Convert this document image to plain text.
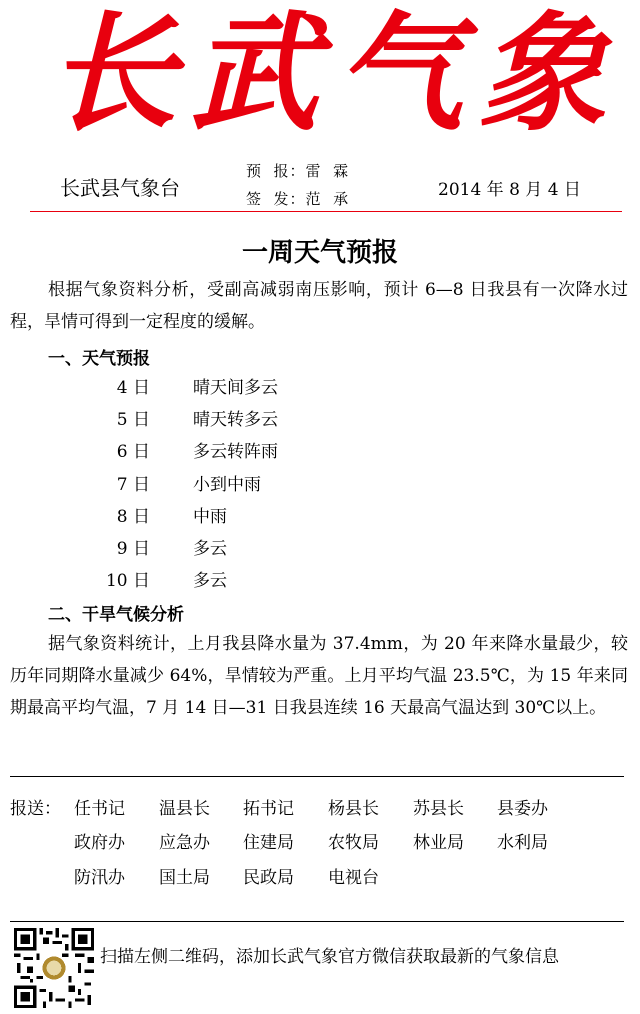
长 武 气 象
长武县气象台
预  报：雷  霖
签  发：范  承	2014 年 8 月 4 日
一周天气预报
根据气象资料分析，受副高减弱南压影响，预计 6—8 日我县有一次降水过程，旱情可得到一定程度的缓解。
一、天气预报
4 日	晴天间多云
5 日	晴天转多云
6 日	多云转阵雨
7 日	小到中雨
8 日	中雨
9 日	多云
10 日	多云
二、干旱气候分析
据气象资料统计，上月我县降水量为 37.4mm，为 20 年来降水量最少，较历年同期降水量减少 64%，旱情较为严重。上月平均气温 23.5℃，为 15 年来同期最高平均气温，7 月 14 日—31 日我县连续 16 天最高气温达到 30℃以上。
报送： 任书记	温县长	拓书记	杨县长	苏县长	县委办
政府办	应急办	住建局	农牧局	林业局	水利局
防汛办	国土局	民政局	电视台
扫描左侧二维码，添加长武气象官方微信获取最新的气象信息
